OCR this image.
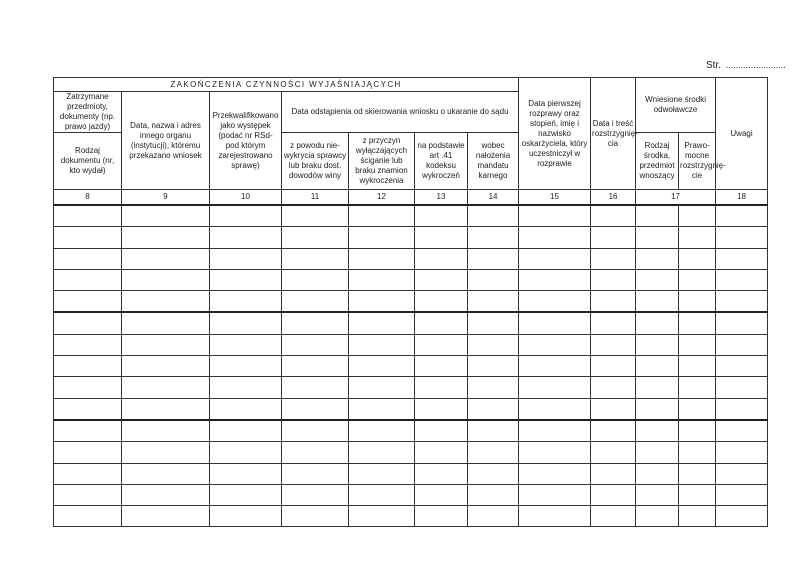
Str. ........................
ZAKOŃCZENIA CZYNNOŚCI WYJAŚNIAJĄCYCH							Data pierwszej rozprawy oraz stopień, imię i nazwisko oskarżyciela, który uczestniczył w rozprawie	Data i treść rozstrzygnię- cia	Wniesione środki odwoławcze		Uwagi
Zatrzymane przedmioty, dokumenty (np. prawo jazdy)	Data, nazwa i adres innego organu (instytucji), któremu przekazano wniosek	Przekwalifikowano jako występek (podać nr RSd- pod którym zarejestrowano sprawę)	Data odstąpienia od skierowania wniosku o ukaranie do sądu								
Rodzaj dokumentu (nr, kto wydał)			z powodu nie- wykrycia sprawcy lub braku dost. dowodów winy	z przyczyn wyłączających ściganie lub braku znamion wykroczenia	na podstawie art .41 kodeksu wykroczeń	wobec nałożenia mandatu karnego			Rodzaj środka, przedmiot wnoszący	Prawo- mocne rozstrzygnię- cie	
8	9	10	11	12	13	14	15	16	17		18
